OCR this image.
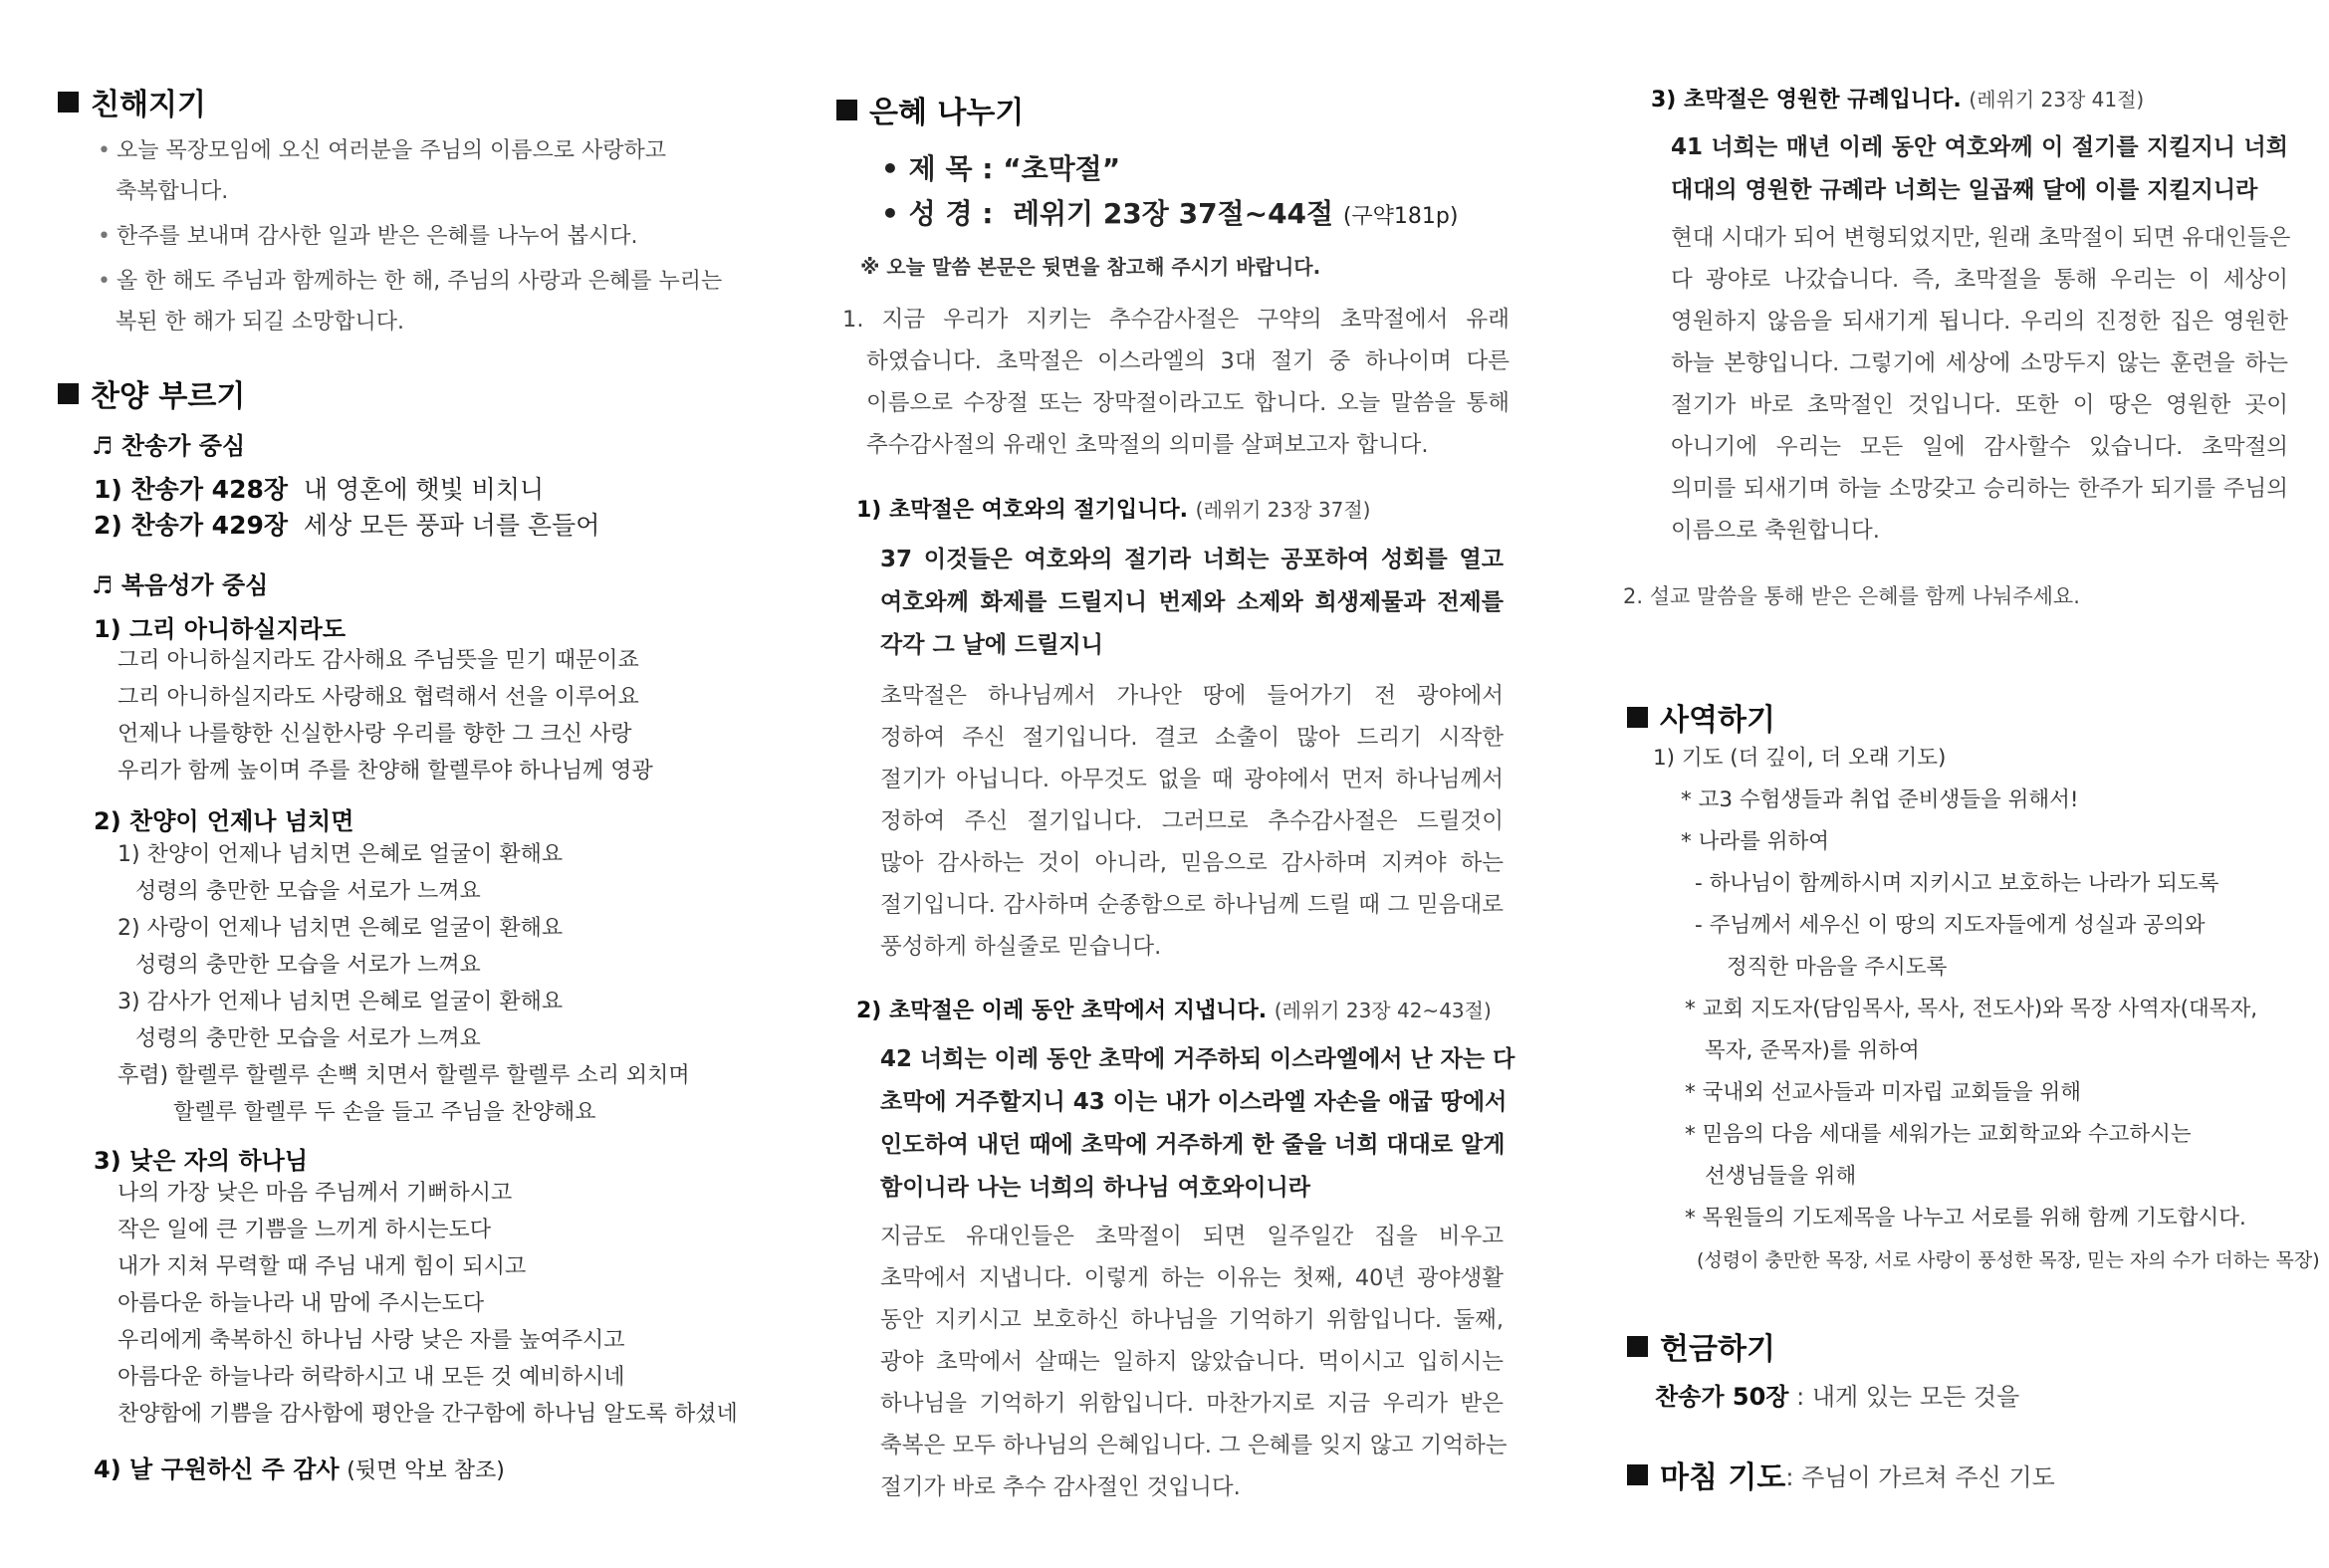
친해지기
• 오늘 목장모임에 오신 여러분을 주님의 이름으로 사랑하고
축복합니다.
• 한주를 보내며 감사한 일과 받은 은혜를 나누어 봅시다.
• 올 한 해도 주님과 함께하는 한 해, 주님의 사랑과 은혜를 누리는
복된 한 해가 되길 소망합니다.
찬양 부르기
♬ 찬송가 중심
1) 찬송가 428장 내 영혼에 햇빛 비치니
2) 찬송가 429장 세상 모든 풍파 너를 흔들어
♬ 복음성가 중심
1) 그리 아니하실지라도
그리 아니하실지라도 감사해요 주님뜻을 믿기 때문이죠
그리 아니하실지라도 사랑해요 협력해서 선을 이루어요
언제나 나를향한 신실한사랑 우리를 향한 그 크신 사랑
우리가 함께 높이며 주를 찬양해 할렐루야 하나님께 영광
2) 찬양이 언제나 넘치면
1) 찬양이 언제나 넘치면 은혜로 얼굴이 환해요
성령의 충만한 모습을 서로가 느껴요
2) 사랑이 언제나 넘치면 은혜로 얼굴이 환해요
성령의 충만한 모습을 서로가 느껴요
3) 감사가 언제나 넘치면 은혜로 얼굴이 환해요
성령의 충만한 모습을 서로가 느껴요
후렴) 할렐루 할렐루 손뼉 치면서 할렐루 할렐루 소리 외치며
할렐루 할렐루 두 손을 들고 주님을 찬양해요
3) 낮은 자의 하나님
나의 가장 낮은 마음 주님께서 기뻐하시고
작은 일에 큰 기쁨을 느끼게 하시는도다
내가 지쳐 무력할 때 주님 내게 힘이 되시고
아름다운 하늘나라 내 맘에 주시는도다
우리에게 축복하신 하나님 사랑 낮은 자를 높여주시고
아름다운 하늘나라 허락하시고 내 모든 것 예비하시네
찬양함에 기쁨을 감사함에 평안을 간구함에 하나님 알도록 하셨네
4) 날 구원하신 주 감사 (뒷면 악보 참조)
은혜 나누기
• 제 목 : “초막절”
• 성 경 : 레위기 23장 37절~44절 (구약181p)
※ 오늘 말씀 본문은 뒷면을 참고해 주시기 바랍니다.
1. 지금 우리가 지키는 추수감사절은 구약의 초막절에서 유래
하였습니다. 초막절은 이스라엘의 3대 절기 중 하나이며 다른
이름으로 수장절 또는 장막절이라고도 합니다. 오늘 말씀을 통해
추수감사절의 유래인 초막절의 의미를 살펴보고자 합니다.
1) 초막절은 여호와의 절기입니다. (레위기 23장 37절)
37 이것들은 여호와의 절기라 너희는 공포하여 성회를 열고
여호와께 화제를 드릴지니 번제와 소제와 희생제물과 전제를
각각 그 날에 드릴지니
초막절은 하나님께서 가나안 땅에 들어가기 전 광야에서
정하여 주신 절기입니다. 결코 소출이 많아 드리기 시작한
절기가 아닙니다. 아무것도 없을 때 광야에서 먼저 하나님께서
정하여 주신 절기입니다. 그러므로 추수감사절은 드릴것이
많아 감사하는 것이 아니라, 믿음으로 감사하며 지켜야 하는
절기입니다. 감사하며 순종함으로 하나님께 드릴 때 그 믿음대로
풍성하게 하실줄로 믿습니다.
2) 초막절은 이레 동안 초막에서 지냅니다. (레위기 23장 42~43절)
42 너희는 이레 동안 초막에 거주하되 이스라엘에서 난 자는 다
초막에 거주할지니 43 이는 내가 이스라엘 자손을 애굽 땅에서
인도하여 내던 때에 초막에 거주하게 한 줄을 너희 대대로 알게
함이니라 나는 너희의 하나님 여호와이니라
지금도 유대인들은 초막절이 되면 일주일간 집을 비우고
초막에서 지냅니다. 이렇게 하는 이유는 첫째, 40년 광야생활
동안 지키시고 보호하신 하나님을 기억하기 위함입니다. 둘째,
광야 초막에서 살때는 일하지 않았습니다. 먹이시고 입히시는
하나님을 기억하기 위함입니다. 마찬가지로 지금 우리가 받은
축복은 모두 하나님의 은혜입니다. 그 은혜를 잊지 않고 기억하는
절기가 바로 추수 감사절인 것입니다.
3) 초막절은 영원한 규례입니다. (레위기 23장 41절)
41 너희는 매년 이레 동안 여호와께 이 절기를 지킬지니 너희
대대의 영원한 규례라 너희는 일곱째 달에 이를 지킬지니라
현대 시대가 되어 변형되었지만, 원래 초막절이 되면 유대인들은
다 광야로 나갔습니다. 즉, 초막절을 통해 우리는 이 세상이
영원하지 않음을 되새기게 됩니다. 우리의 진정한 집은 영원한
하늘 본향입니다. 그렇기에 세상에 소망두지 않는 훈련을 하는
절기가 바로 초막절인 것입니다. 또한 이 땅은 영원한 곳이
아니기에 우리는 모든 일에 감사할수 있습니다. 초막절의
의미를 되새기며 하늘 소망갖고 승리하는 한주가 되기를 주님의
이름으로 축원합니다.
2. 설교 말씀을 통해 받은 은혜를 함께 나눠주세요.
사역하기
1) 기도 (더 깊이, 더 오래 기도)
* 고3 수험생들과 취업 준비생들을 위해서!
* 나라를 위하여
- 하나님이 함께하시며 지키시고 보호하는 나라가 되도록
- 주님께서 세우신 이 땅의 지도자들에게 성실과 공의와
정직한 마음을 주시도록
* 교회 지도자(담임목사, 목사, 전도사)와 목장 사역자(대목자,
목자, 준목자)를 위하여
* 국내외 선교사들과 미자립 교회들을 위해
* 믿음의 다음 세대를 세워가는 교회학교와 수고하시는
선생님들을 위해
* 목원들의 기도제목을 나누고 서로를 위해 함께 기도합시다.
(성령이 충만한 목장, 서로 사랑이 풍성한 목장, 믿는 자의 수가 더하는 목장)
헌금하기
찬송가 50장 : 내게 있는 모든 것을
마침 기도 : 주님이 가르쳐 주신 기도
